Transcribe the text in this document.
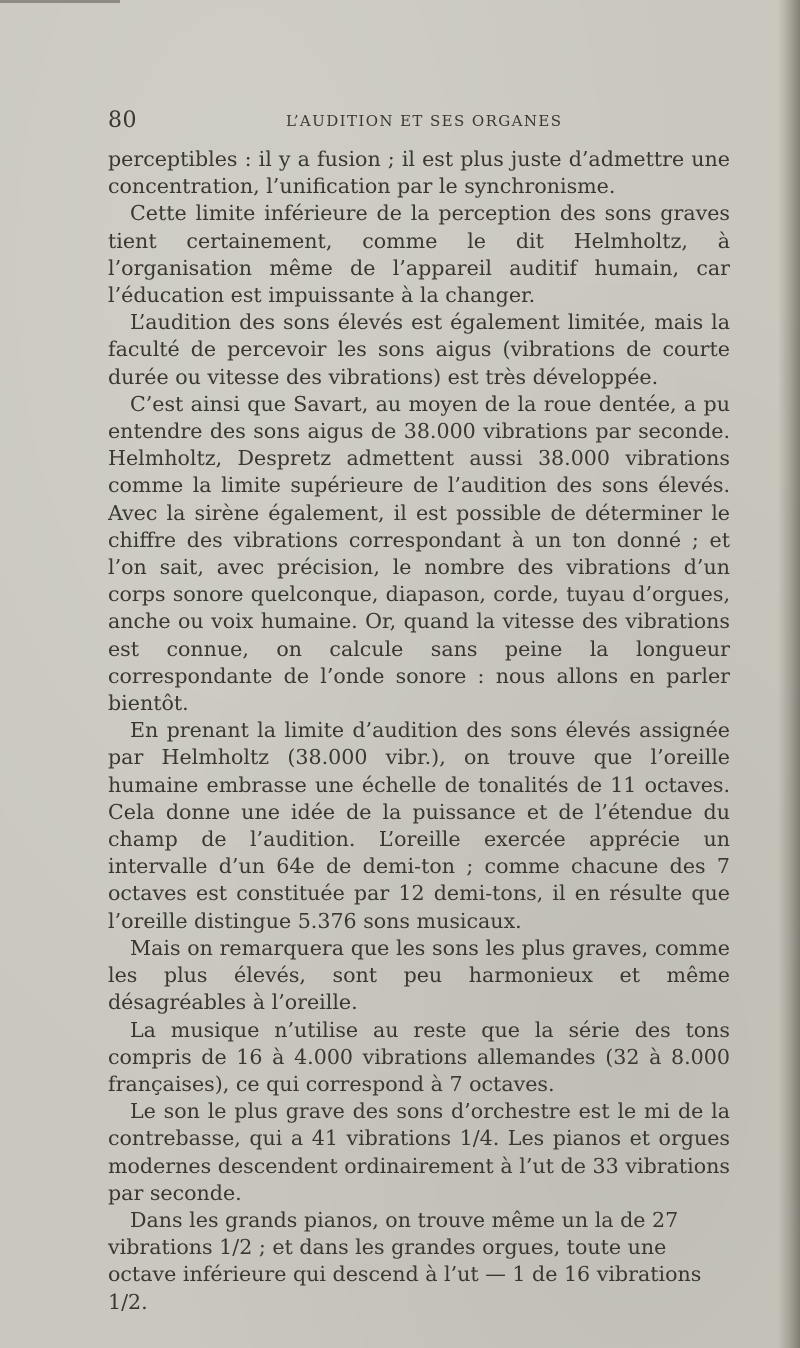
80	L’AUDITION ET SES ORGANES

perceptibles : il y a fusion ; il est plus juste d’admettre une concentration, l’unification par le synchronisme.

Cette limite inférieure de la perception des sons graves tient certainement, comme le dit Helmholtz, à l’organisation même de l’appareil auditif humain, car l’éducation est impuissante à la changer.

L’audition des sons élevés est également limitée, mais la faculté de percevoir les sons aigus (vibrations de courte durée ou vitesse des vibrations) est très développée.

C’est ainsi que Savart, au moyen de la roue dentée, a pu entendre des sons aigus de 38.000 vibrations par seconde. Helmholtz, Despretz admettent aussi 38.000 vibrations comme la limite supérieure de l’audition des sons élevés. Avec la sirène également, il est possible de déterminer le chiffre des vibrations correspondant à un ton donné ; et l’on sait, avec précision, le nombre des vibrations d’un corps sonore quelconque, diapason, corde, tuyau d’orgues, anche ou voix humaine. Or, quand la vitesse des vibrations est connue, on calcule sans peine la longueur correspondante de l’onde sonore : nous allons en parler bientôt.

En prenant la limite d’audition des sons élevés assignée par Helmholtz (38.000 vibr.), on trouve que l’oreille humaine embrasse une échelle de tonalités de 11 octaves. Cela donne une idée de la puissance et de l’étendue du champ de l’audition. L’oreille exercée apprécie un intervalle d’un 64e de demi-ton ; comme chacune des 7 octaves est constituée par 12 demi-tons, il en résulte que l’oreille distingue 5.376 sons musicaux.

Mais on remarquera que les sons les plus graves, comme les plus élevés, sont peu harmonieux et même désagréables à l’oreille.

La musique n’utilise au reste que la série des tons compris de 16 à 4.000 vibrations allemandes (32 à 8.000 françaises), ce qui correspond à 7 octaves.

Le son le plus grave des sons d’orchestre est le mi de la contrebasse, qui a 41 vibrations 1/4. Les pianos et orgues modernes descendent ordinairement à l’ut de 33 vibrations par seconde.

Dans les grands pianos, on trouve même un la de 27 vibrations 1/2 ; et dans les grandes orgues, toute une octave inférieure qui descend à l’ut — 1 de 16 vibrations 1/2.
